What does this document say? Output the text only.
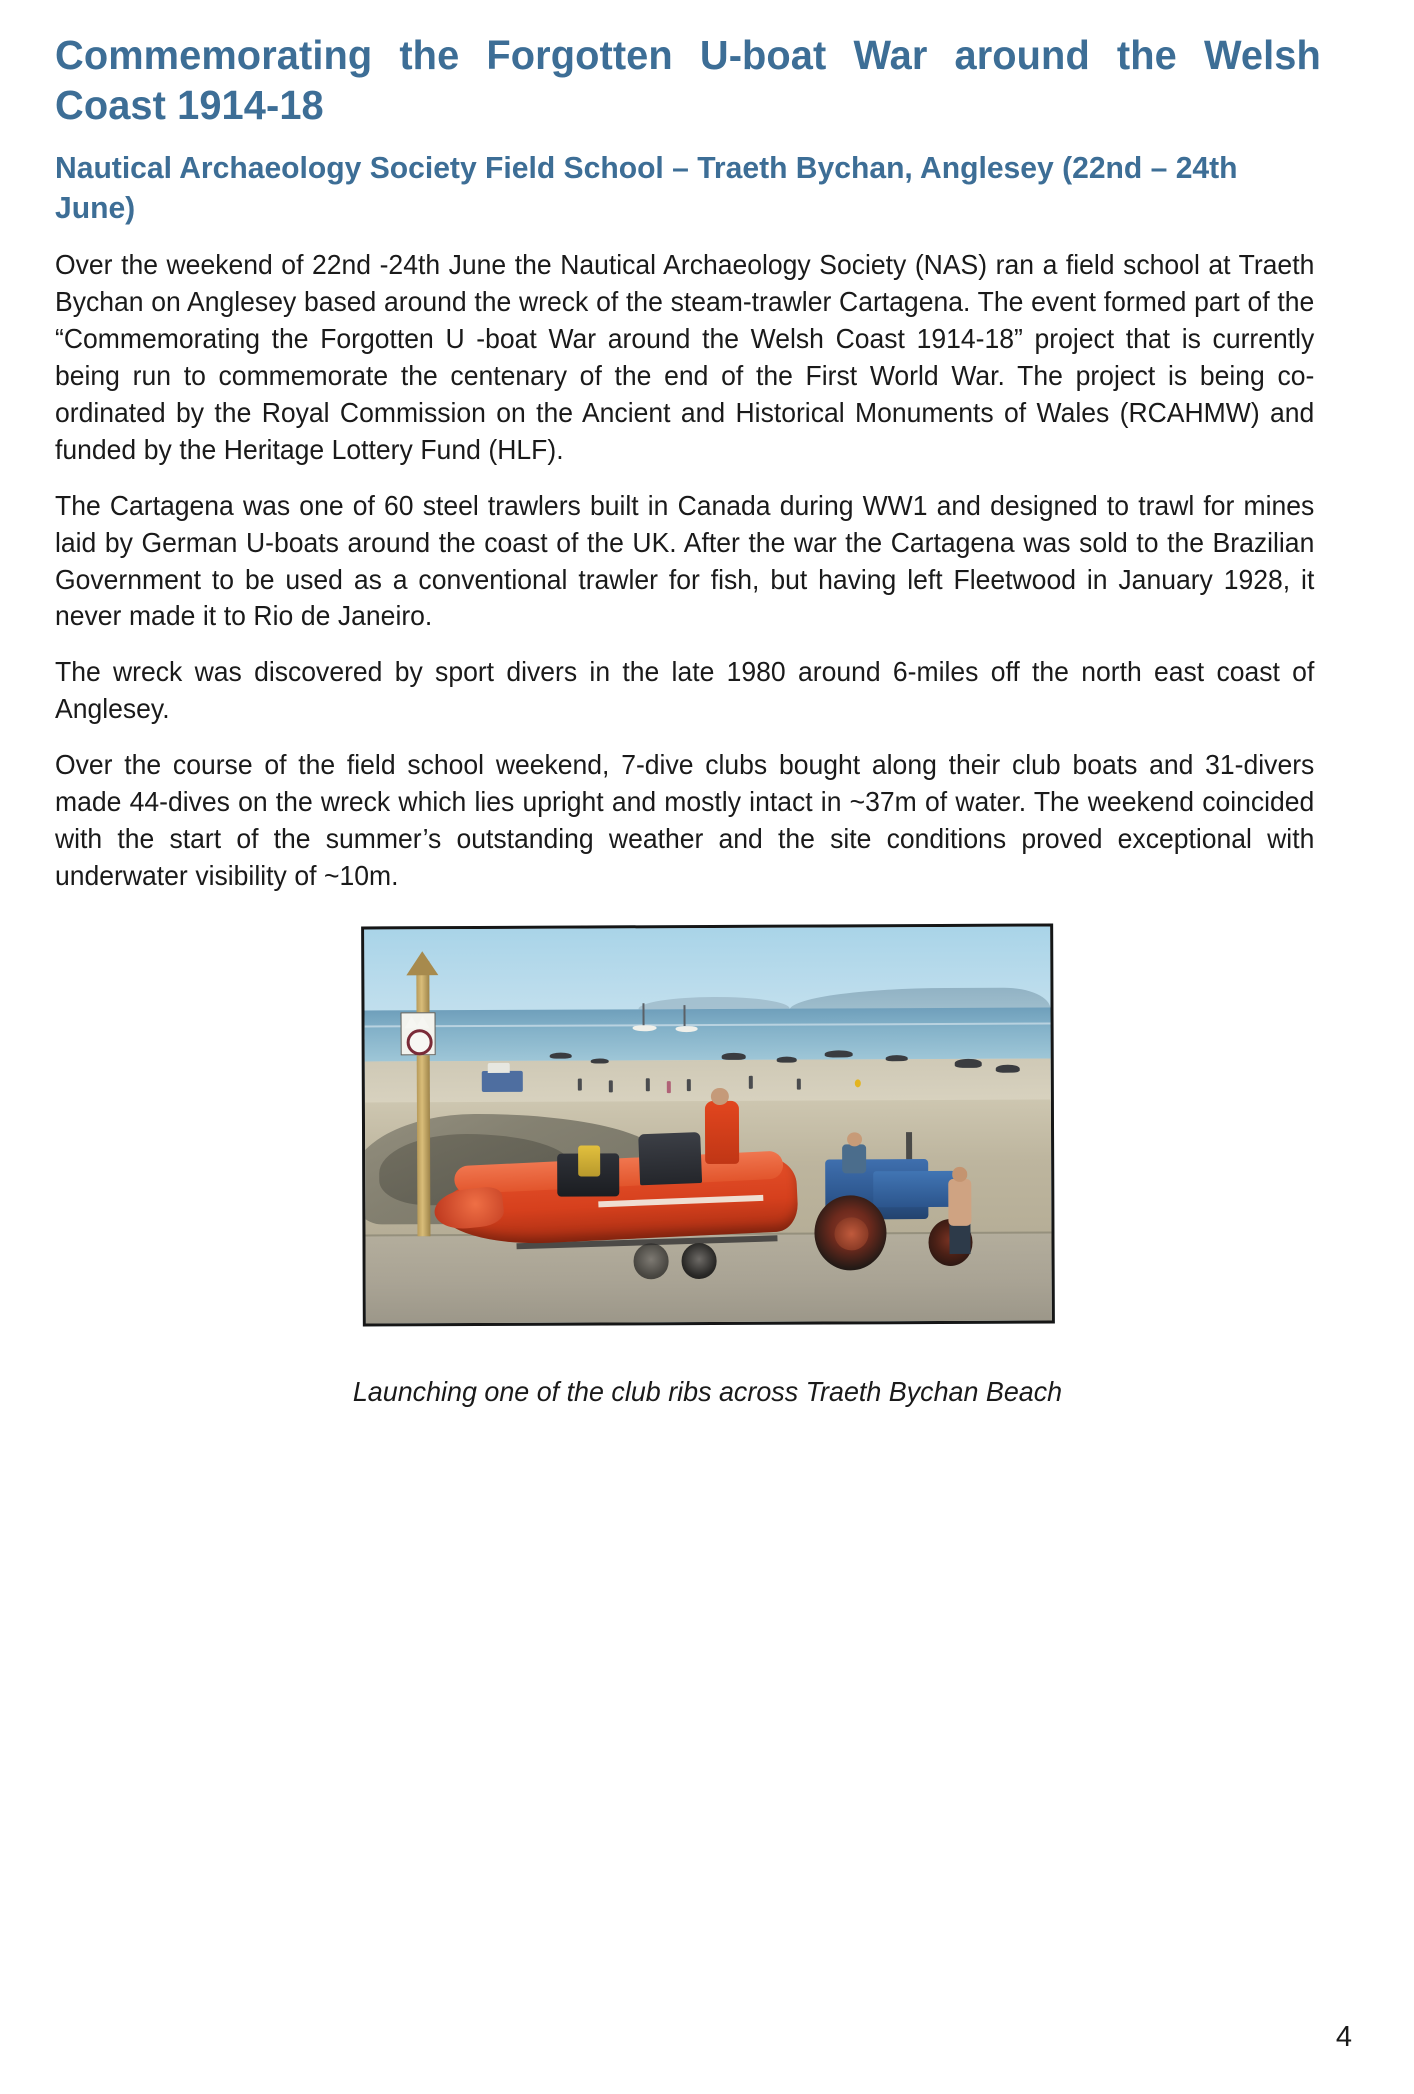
Commemorating the Forgotten U-boat War around the Welsh Coast 1914-18
Nautical Archaeology Society Field School – Traeth Bychan, Anglesey (22nd – 24th June)

Over the weekend of 22nd -24th June the Nautical Archaeology Society (NAS) ran a field school at Traeth Bychan on Anglesey based around the wreck of the steam-trawler Cartagena. The event formed part of the “Commemorating the Forgotten U -boat War around the Welsh Coast 1914-18” project that is currently being run to commemorate the centenary of the end of the First World War. The project is being co-ordinated by the Royal Commission on the Ancient and Historical Monuments of Wales (RCAHMW) and funded by the Heritage Lottery Fund (HLF).

The Cartagena was one of 60 steel trawlers built in Canada during WW1 and designed to trawl for mines laid by German U-boats around the coast of the UK. After the war the Cartagena was sold to the Brazilian Government to be used as a conventional trawler for fish, but having left Fleetwood in January 1928, it never made it to Rio de Janeiro.

The wreck was discovered by sport divers in the late 1980 around 6-miles off the north east coast of Anglesey.

Over the course of the field school weekend, 7-dive clubs bought along their club boats and 31-divers made 44-dives on the wreck which lies upright and mostly intact in ~37m of water. The weekend coincided with the start of the summer’s outstanding weather and the site conditions proved exceptional with underwater visibility of ~10m.

Launching one of the club ribs across Traeth Bychan Beach
4
